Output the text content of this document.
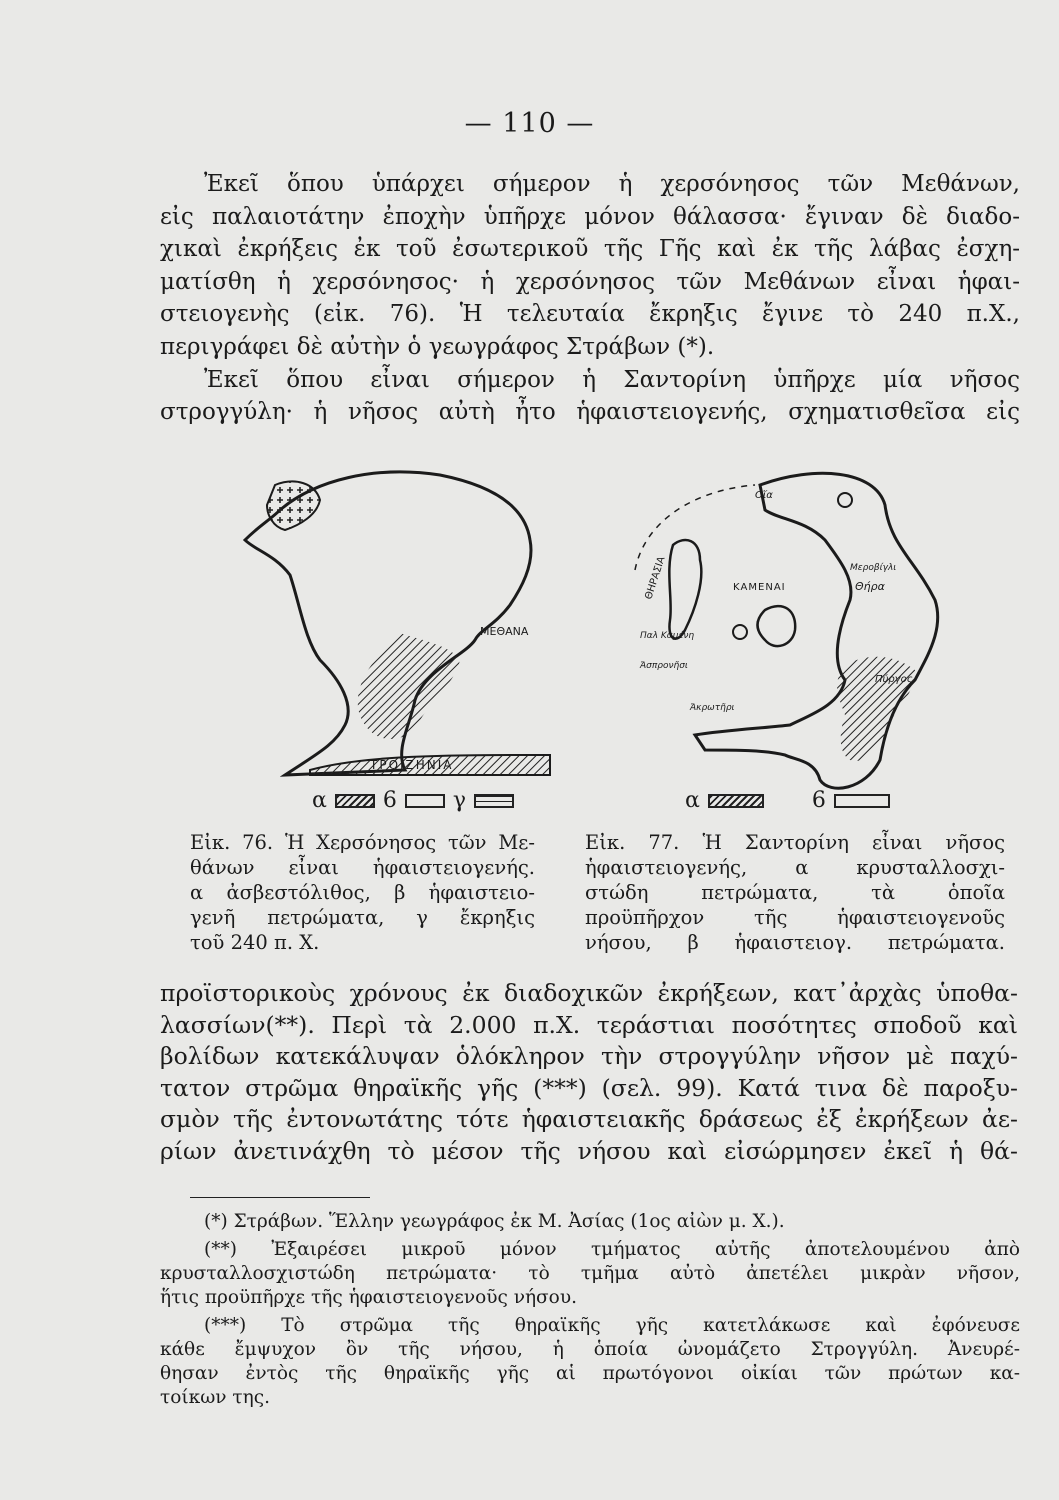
— 110 —

Ἐκεῖ ὅπου ὑπάρχει σήμερον ἡ χερσόνησος τῶν Μεθάνων,
εἰς παλαιοτάτην ἐποχὴν ὑπῆρχε μόνον θάλασσα· ἔγιναν δὲ διαδο-
χικαὶ ἐκρήξεις ἐκ τοῦ ἐσωτερικοῦ τῆς Γῆς καὶ ἐκ τῆς λάβας ἐσχη-
ματίσθη ἡ χερσόνησος· ἡ χερσόνησος τῶν Μεθάνων εἶναι ἡφαι-
στειογενὴς (εἰκ. 76). Ἡ τελευταία ἔκρηξις ἔγινε τὸ 240 π.Χ.,
περιγράφει δὲ αὐτὴν ὁ γεωγράφος Στράβων (*).
Ἐκεῖ ὅπου εἶναι σήμερον ἡ Σαντορίνη ὑπῆρχε μία νῆσος
στρογγύλη· ἡ νῆσος αὐτὴ ἦτο ἡφαιστειογενής, σχηματισθεῖσα εἰς

ΜΕΘΑΝΑ
ΤΡΟΙΖΗΝΙΑ
α	6	γ
Οἴα
ΘΗΡΑΣΙΑ	ΚΑΜΕΝΑΙ
Μεροβίγλι
Θήρα
Παλ Καμένη
Ἀσπρονῆσι
Πύργος
Ἀκρωτῆρι
α	6

Εἰκ. 76. Ἡ Χερσόνησος τῶν Με-
θάνων εἶναι ἡφαιστειογενής.
α ἀσβεστόλιθος, β ἡφαιστειο-
γενῆ πετρώματα, γ ἔκρηξις
τοῦ 240 π. Χ.

Εἰκ. 77. Ἡ Σαντορίνη εἶναι νῆσος
ἡφαιστειογενής, α κρυσταλλοσχι-
στώδη πετρώματα, τὰ ὁποῖα
προϋπῆρχον τῆς ἡφαιστειογενοῦς
νήσου, β ἡφαιστειογ. πετρώματα.

προϊστορικοὺς χρόνους ἐκ διαδοχικῶν ἐκρήξεων, κατ᾽ἀρχὰς ὑποθα-
λασσίων(**). Περὶ τὰ 2.000 π.Χ. τεράστιαι ποσότητες σποδοῦ καὶ
βολίδων κατεκάλυψαν ὁλόκληρον τὴν στρογγύλην νῆσον μὲ παχύ-
τατον στρῶμα θηραϊκῆς γῆς (***) (σελ. 99). Κατά τινα δὲ παροξυ-
σμὸν τῆς ἐντονωτάτης τότε ἡφαιστειακῆς δράσεως ἐξ ἐκρήξεων ἀε-
ρίων ἀνετινάχθη τὸ μέσον τῆς νήσου καὶ εἰσώρμησεν ἐκεῖ ἡ θά-

(*) Στράβων. Ἕλλην γεωγράφος ἐκ Μ. Ἀσίας (1ος αἰὼν μ. Χ.).
(**) Ἐξαιρέσει μικροῦ μόνον τμήματος αὐτῆς ἀποτελουμένου ἀπὸ
κρυσταλλοσχιστώδη πετρώματα· τὸ τμῆμα αὐτὸ ἀπετέλει μικρὰν νῆσον,
ἥτις προϋπῆρχε τῆς ἡφαιστειογενοῦς νήσου.
(***) Τὸ στρῶμα τῆς θηραϊκῆς γῆς κατετλάκωσε καὶ ἐφόνευσε
κάθε ἔμψυχον ὂν τῆς νήσου, ἡ ὁποία ὠνομάζετο Στρογγύλη. Ἀνευρέ-
θησαν ἐντὸς τῆς θηραϊκῆς γῆς αἱ πρωτόγονοι οἰκίαι τῶν πρώτων κα-
τοίκων της.
